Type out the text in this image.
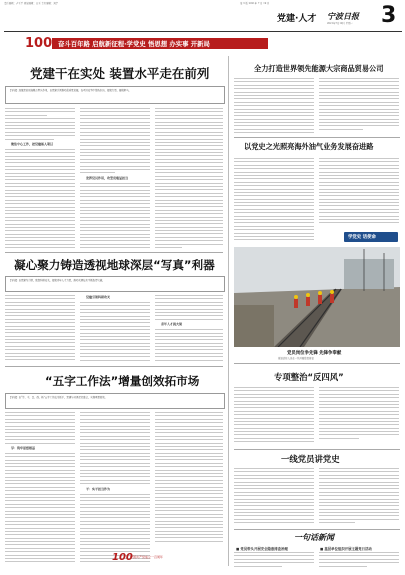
责任编辑：卢王平 视觉编辑：范玉 美术编辑：刘宇	第 3 版 2021年 7 月 19 日
党建·人才 宁波日报
2021年7月19日 星期一 3
100 奋斗百年路 启航新征程·学党史 悟思想 办实事 开新局
党建干在实处 装置水平走在前列
【导读】加强党员先锋模范带头作用，以党建引领推动高质量发展，在项目攻坚中锻炼队伍、凝聚力量、展现担当。
聚焦中心工作，把党建嵌入项目
发挥党员作用，攻坚克难显担当
凝心聚力铸造透视地球深层“写真”利器
【导读】以党建为引领，聚焦科研攻关，凝聚青年人才力量，推动关键技术不断取得突破。
党建引领科研攻关
青年人才挑大梁
“五字工作法”增量创效拓市场
【导读】以“学、干、比、创、拓”五字工作法为抓手，党建与业务深度融合，实现增量创效。
学：筑牢思想根基
干：实干担当作为
100
中国共产党成立一百周年
全力打造世界领先能源大宗商品贸易公司
以党史之光照亮海外油气业务发展奋进路
学党史 话使命
党员岗位争先锋 先锋争奉献
管道巡检人员在一线开展隐患排查
专项整治“反四风”
一线党员讲党史
一句话新闻
■ 党员带头开展安全隐患排查治理	■ 基层单位组织开展主题党日活动
